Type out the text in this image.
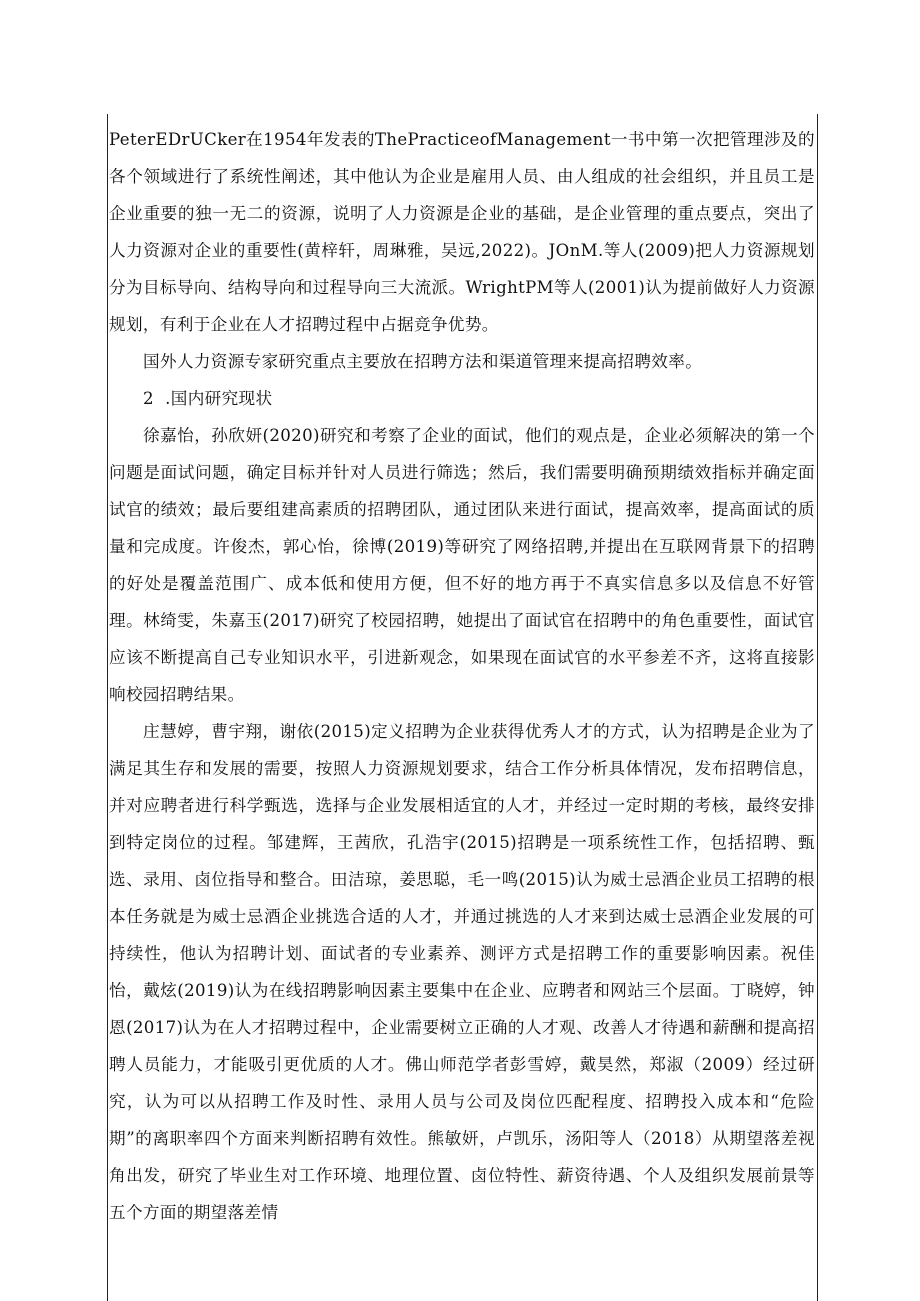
PeterEDrUCker在1954年发表的ThePracticeofManagement一书中第一次把管理涉及的各个领域进行了系统性阐述，其中他认为企业是雇用人员、由人组成的社会组织，并且员工是企业重要的独一无二的资源，说明了人力资源是企业的基础，是企业管理的重点要点，突出了人力资源对企业的重要性(黄梓轩，周琳雅，吴远,2022)。JOnM.等人(2009)把人力资源规划分为目标导向、结构导向和过程导向三大流派。WrightPM等人(2001)认为提前做好人力资源规划，有利于企业在人才招聘过程中占据竞争优势。

国外人力资源专家研究重点主要放在招聘方法和渠道管理来提高招聘效率。

2  .国内研究现状

徐嘉怡，孙欣妍(2020)研究和考察了企业的面试，他们的观点是，企业必须解决的第一个问题是面试问题，确定目标并针对人员进行筛选；然后，我们需要明确预期绩效指标并确定面试官的绩效；最后要组建高素质的招聘团队，通过团队来进行面试，提高效率，提高面试的质量和完成度。许俊杰，郭心怡，徐博(2019)等研究了网络招聘,并提出在互联网背景下的招聘的好处是覆盖范围广、成本低和使用方便，但不好的地方再于不真实信息多以及信息不好管理。林绮雯，朱嘉玉(2017)研究了校园招聘，她提出了面试官在招聘中的角色重要性，面试官应该不断提高自己专业知识水平，引进新观念，如果现在面试官的水平参差不齐，这将直接影响校园招聘结果。

庄慧婷，曹宇翔，谢依(2015)定义招聘为企业获得优秀人才的方式，认为招聘是企业为了满足其生存和发展的需要，按照人力资源规划要求，结合工作分析具体情况，发布招聘信息，并对应聘者进行科学甄选，选择与企业发展相适宜的人才，并经过一定时期的考核，最终安排到特定岗位的过程。邹建辉，王茜欣，孔浩宇(2015)招聘是一项系统性工作，包括招聘、甄选、录用、卤位指导和整合。田洁琼，姜思聪，毛一鸣(2015)认为威士忌酒企业员工招聘的根本任务就是为威士忌酒企业挑选合适的人才，并通过挑选的人才来到达威士忌酒企业发展的可持续性，他认为招聘计划、面试者的专业素养、测评方式是招聘工作的重要影响因素。祝佳怡，戴炫(2019)认为在线招聘影响因素主要集中在企业、应聘者和网站三个层面。丁晓婷，钟恩(2017)认为在人才招聘过程中，企业需要树立正确的人才观、改善人才待遇和薪酬和提高招聘人员能力，才能吸引更优质的人才。佛山师范学者彭雪婷，戴昊然，郑淑（2009）经过研究，认为可以从招聘工作及时性、录用人员与公司及岗位匹配程度、招聘投入成本和“危险期”的离职率四个方面来判断招聘有效性。熊敏妍，卢凯乐，汤阳等人（2018）从期望落差视角出发，研究了毕业生对工作环境、地理位置、卤位特性、薪资待遇、个人及组织发展前景等五个方面的期望落差情
